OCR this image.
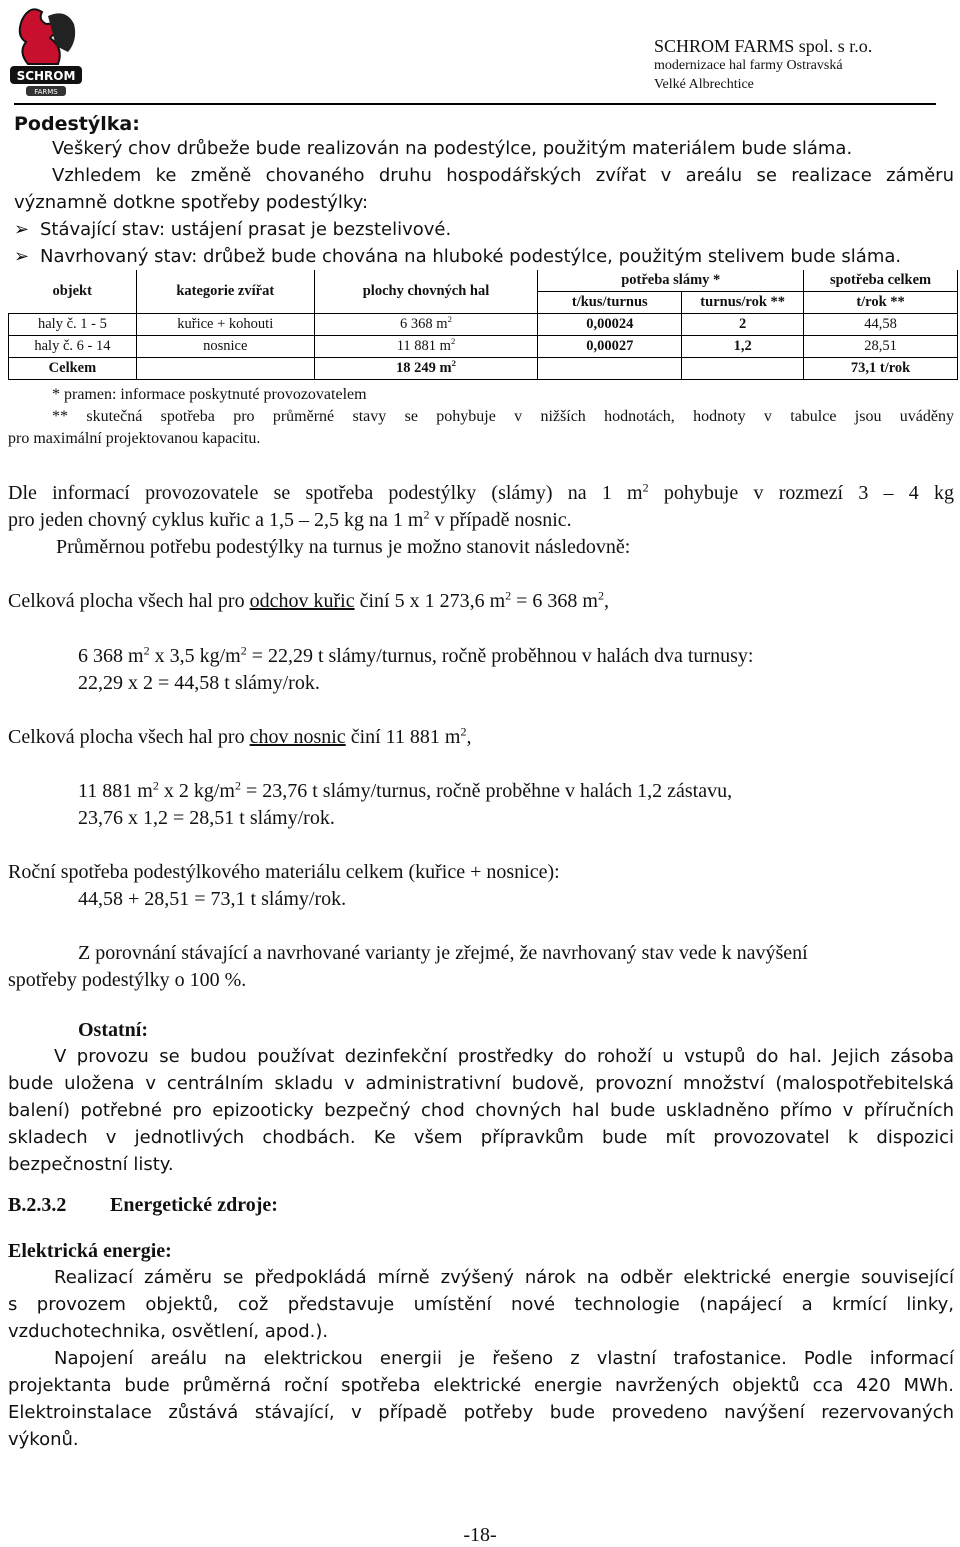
SCHROM
FARMS
SCHROM FARMS spol. s r.o.
modernizace hal farmy Ostravská
Velké Albrechtice
Podestýlka:
Veškerý chov drůbeže bude realizován na podestýlce, použitým materiálem bude sláma.
Vzhledem ke změně chovaného druhu hospodářských zvířat v areálu se realizace záměru
významně dotkne spotřeby podestýlky:
➢ Stávající stav: ustájení prasat je bezstelivové.
➢ Navrhovaný stav: drůbež bude chována na hluboké podestýlce, použitým stelivem bude sláma.
objekt	kategorie zvířat	plochy chovných hal	potřeba slámy *		spotřeba celkem
			t/kus/turnus	turnus/rok **	t/rok **
haly č. 1 - 5	kuřice + kohouti	6 368 $m^2$	0,00024	2	44,58
haly č. 6 - 14	nosnice	11 881 $m^2$	0,00027	1,2	28,51
Celkem		18 249 $m^2$			73,1 t/rok
* pramen: informace poskytnuté provozovatelem
** skutečná spotřeba pro průměrné stavy se pohybuje v nižších hodnotách, hodnoty v tabulce jsou uváděny
pro maximální projektovanou kapacitu.
Dle informací provozovatele se spotřeba podestýlky (slámy) na 1 $m^2$ pohybuje v rozmezí 3 – 4 kg
pro jeden chovný cyklus kuřic a 1,5 – 2,5 kg na 1 $m^2$ v případě nosnic.
Průměrnou potřebu podestýlky na turnus je možno stanovit následovně:
Celková plocha všech hal pro odchov kuřic činí 5 x 1 273,6 $m^2 = 6$ 368 $m^2$,
6 368 $m^2$ x 3,5 $kg/m^2 = 22,29$ t slámy/turnus, ročně proběhnou v halách dva turnusy:
22,29 x 2 = 44,58 t slámy/rok.
Celková plocha všech hal pro chov nosnic činí 11 881 $m^2$,
11 881 $m^2$ x 2 $kg/m^2 = 23,76$ t slámy/turnus, ročně proběhne v halách 1,2 zástavu,
23,76 x 1,2 = 28,51 t slámy/rok.
Roční spotřeba podestýlkového materiálu celkem (kuřice + nosnice):
44,58 + 28,51 = 73,1 t slámy/rok.
Z porovnání stávající a navrhované varianty je zřejmé, že navrhovaný stav vede k navýšení
spotřeby podestýlky o 100 %.
Ostatní:
V provozu se budou používat dezinfekční prostředky do rohoží u vstupů do hal. Jejich zásoba
bude uložena v centrálním skladu v administrativní budově, provozní množství (malospotřebitelská
balení) potřebné pro epizooticky bezpečný chod chovných hal bude uskladněno přímo v příručních
skladech v jednotlivých chodbách. Ke všem přípravkům bude mít provozovatel k dispozici
bezpečnostní listy.
B.2.3.2 Energetické zdroje:
Elektrická energie:
Realizací záměru se předpokládá mírně zvýšený nárok na odběr elektrické energie související
s provozem objektů, což představuje umístění nové technologie (napájecí a krmící linky,
vzduchotechnika, osvětlení, apod.).
Napojení areálu na elektrickou energii je řešeno z vlastní trafostanice. Podle informací
projektanta bude průměrná roční spotřeba elektrické energie navržených objektů cca 420 MWh.
Elektroinstalace zůstává stávající, v případě potřeby bude provedeno navýšení rezervovaných
výkonů.
-18-
